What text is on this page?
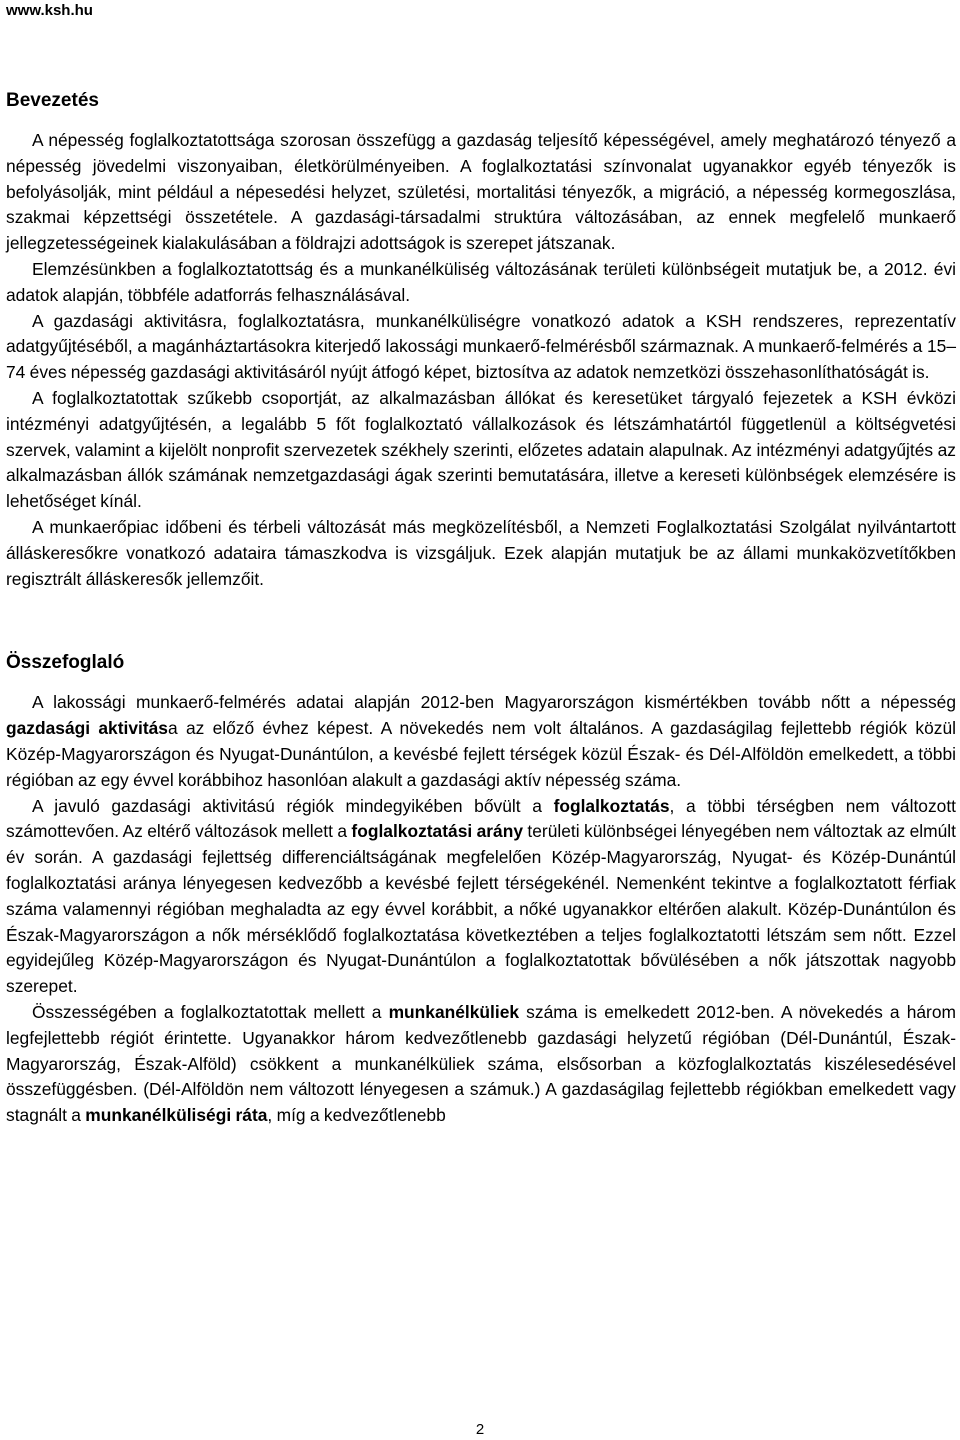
www.ksh.hu
Bevezetés

A népesség foglalkoztatottsága szorosan összefügg a gazdaság teljesítő képességével, amely meghatározó tényező a népesség jövedelmi viszonyaiban, életkörülményeiben. A foglalkoztatási színvonalat ugyanakkor egyéb tényezők is befolyásolják, mint például a népesedési helyzet, születési, mortalitási tényezők, a migráció, a népesség kormegoszlása, szakmai képzettségi összetétele. A gazdasági-társadalmi struktúra változásában, az ennek megfelelő munkaerő jellegzetességeinek kialakulásában a földrajzi adottságok is szerepet játszanak.

Elemzésünkben a foglalkoztatottság és a munkanélküliség változásának területi különbségeit mutatjuk be, a 2012. évi adatok alapján, többféle adatforrás felhasználásával.

A gazdasági aktivitásra, foglalkoztatásra, munkanélküliségre vonatkozó adatok a KSH rendszeres, reprezentatív adatgyűjtéséből, a magánháztartásokra kiterjedő lakossági munkaerő-felmérésből származnak. A munkaerő-felmérés a 15–74 éves népesség gazdasági aktivitásáról nyújt átfogó képet, biztosítva az adatok nemzetközi összehasonlíthatóságát is.

A foglalkoztatottak szűkebb csoportját, az alkalmazásban állókat és keresetüket tárgyaló fejezetek a KSH évközi intézményi adatgyűjtésén, a legalább 5 főt foglalkoztató vállalkozások és létszámhatártól függetlenül a költségvetési szervek, valamint a kijelölt nonprofit szervezetek székhely szerinti, előzetes adatain alapulnak. Az intézményi adatgyűjtés az alkalmazásban állók számának nemzetgazdasági ágak szerinti bemutatására, illetve a kereseti különbségek elemzésére is lehetőséget kínál.

A munkaerőpiac időbeni és térbeli változását más megközelítésből, a Nemzeti Foglalkoztatási Szolgálat nyilvántartott álláskeresőkre vonatkozó adataira támaszkodva is vizsgáljuk. Ezek alapján mutatjuk be az állami munkaközvetítőkben regisztrált álláskeresők jellemzőit.

Összefoglaló

A lakossági munkaerő-felmérés adatai alapján 2012-ben Magyarországon kismértékben tovább nőtt a népesség gazdasági aktivitása az előző évhez képest. A növekedés nem volt általános. A gazdaságilag fejlettebb régiók közül Közép-Magyarországon és Nyugat-Dunántúlon, a kevésbé fejlett térségek közül Észak- és Dél-Alföldön emelkedett, a többi régióban az egy évvel korábbihoz hasonlóan alakult a gazdasági aktív népesség száma.

A javuló gazdasági aktivitású régiók mindegyikében bővült a foglalkoztatás, a többi térségben nem változott számottevően. Az eltérő változások mellett a foglalkoztatási arány területi különbségei lényegében nem változtak az elmúlt év során. A gazdasági fejlettség differenciáltságának megfelelően Közép-Magyarország, Nyugat- és Közép-Dunántúl foglalkoztatási aránya lényegesen kedvezőbb a kevésbé fejlett térségekénél. Nemenként tekintve a foglalkoztatott férfiak száma valamennyi régióban meghaladta az egy évvel korábbit, a nőké ugyanakkor eltérően alakult. Közép-Dunántúlon és Észak-Magyarországon a nők mérséklődő foglalkoztatása következtében a teljes foglalkoztatotti létszám sem nőtt. Ezzel egyidejűleg Közép-Magyarországon és Nyugat-Dunántúlon a foglalkoztatottak bővülésében a nők játszottak nagyobb szerepet.

Összességében a foglalkoztatottak mellett a munkanélküliek száma is emelkedett 2012-ben. A növekedés a három legfejlettebb régiót érintette. Ugyanakkor három kedvezőtlenebb gazdasági helyzetű régióban (Dél-Dunántúl, Észak-Magyarország, Észak-Alföld) csökkent a munkanélküliek száma, elsősorban a közfoglalkoztatás kiszélesedésével összefüggésben. (Dél-Alföldön nem változott lényegesen a számuk.) A gazdaságilag fejlettebb régiókban emelkedett vagy stagnált a munkanélküliségi ráta, míg a kedvezőtlenebb

2
